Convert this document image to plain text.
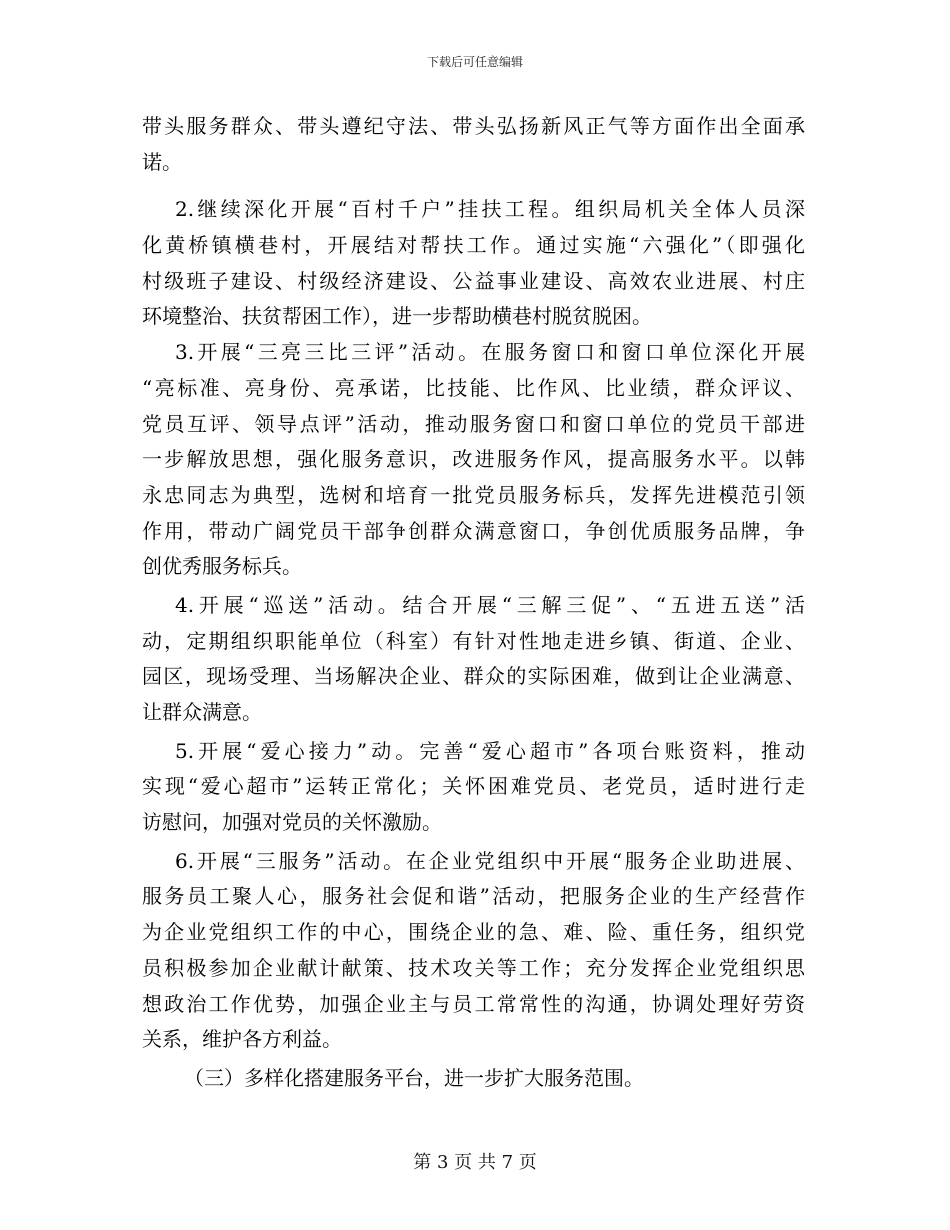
下载后可任意编辑
带头服务群众、带头遵纪守法、带头弘扬新风正气等方面作出全面承
诺。
2.继续深化开展“百村千户”挂扶工程。组织局机关全体人员深
化黄桥镇横巷村，开展结对帮扶工作。通过实施“六强化”（即强化
村级班子建设、村级经济建设、公益事业建设、高效农业进展、村庄
环境整治、扶贫帮困工作），进一步帮助横巷村脱贫脱困。
3.开展“三亮三比三评”活动。在服务窗口和窗口单位深化开展
“亮标准、亮身份、亮承诺，比技能、比作风、比业绩，群众评议、
党员互评、领导点评”活动，推动服务窗口和窗口单位的党员干部进
一步解放思想，强化服务意识，改进服务作风，提高服务水平。以韩
永忠同志为典型，选树和培育一批党员服务标兵，发挥先进模范引领
作用，带动广阔党员干部争创群众满意窗口，争创优质服务品牌，争
创优秀服务标兵。
4.开展“巡送”活动。结合开展“三解三促”、“五进五送”活
动，定期组织职能单位（科室）有针对性地走进乡镇、街道、企业、
园区，现场受理、当场解决企业、群众的实际困难，做到让企业满意、
让群众满意。
5.开展“爱心接力”动。完善“爱心超市”各项台账资料，推动
实现“爱心超市”运转正常化；关怀困难党员、老党员，适时进行走
访慰问，加强对党员的关怀激励。
6.开展“三服务”活动。在企业党组织中开展“服务企业助进展、
服务员工聚人心，服务社会促和谐”活动，把服务企业的生产经营作
为企业党组织工作的中心，围绕企业的急、难、险、重任务，组织党
员积极参加企业献计献策、技术攻关等工作；充分发挥企业党组织思
想政治工作优势，加强企业主与员工常常性的沟通，协调处理好劳资
关系，维护各方利益。
（三）多样化搭建服务平台，进一步扩大服务范围。
第 3 页 共 7 页
